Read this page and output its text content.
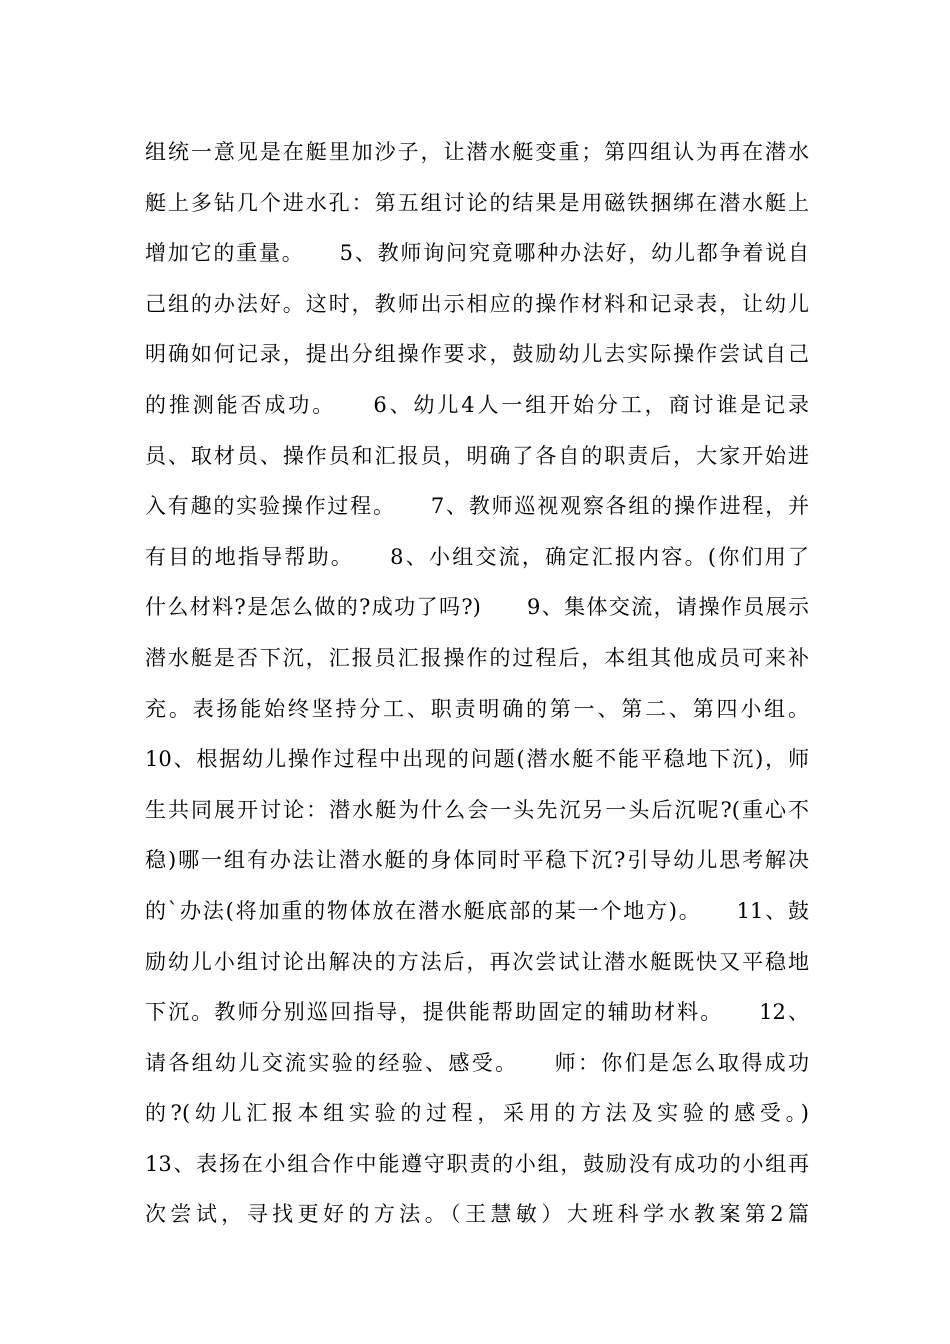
组统一意见是在艇里加沙子，让潜水艇变重；第四组认为再在潜水
艇上多钻几个进水孔：第五组讨论的结果是用磁铁捆绑在潜水艇上
增加它的重量。　　5、教师询问究竟哪种办法好，幼儿都争着说自
己组的办法好。这时，教师出示相应的操作材料和记录表，让幼儿
明确如何记录，提出分组操作要求，鼓励幼儿去实际操作尝试自己
的推测能否成功。　　6、幼儿4人一组开始分工，商讨谁是记录
员、取材员、操作员和汇报员，明确了各自的职责后，大家开始进
入有趣的实验操作过程。　　7、教师巡视观察各组的操作进程，并
有目的地指导帮助。　　8、小组交流，确定汇报内容。(你们用了
什么材料?是怎么做的?成功了吗?)　　9、集体交流，请操作员展示
潜水艇是否下沉，汇报员汇报操作的过程后，本组其他成员可来补
充。表扬能始终坚持分工、职责明确的第一、第二、第四小组。
10、根据幼儿操作过程中出现的问题(潜水艇不能平稳地下沉)，师
生共同展开讨论：潜水艇为什么会一头先沉另一头后沉呢?(重心不
稳)哪一组有办法让潜水艇的身体同时平稳下沉?引导幼儿思考解决
的`办法(将加重的物体放在潜水艇底部的某一个地方)。　　11、鼓
励幼儿小组讨论出解决的方法后，再次尝试让潜水艇既快又平稳地
下沉。教师分别巡回指导，提供能帮助固定的辅助材料。　　12、
请各组幼儿交流实验的经验、感受。　　师：你们是怎么取得成功
的?(幼儿汇报本组实验的过程，采用的方法及实验的感受。)
13、表扬在小组合作中能遵守职责的小组，鼓励没有成功的小组再
次尝试，寻找更好的方法。（王慧敏）大班科学水教案第2篇
